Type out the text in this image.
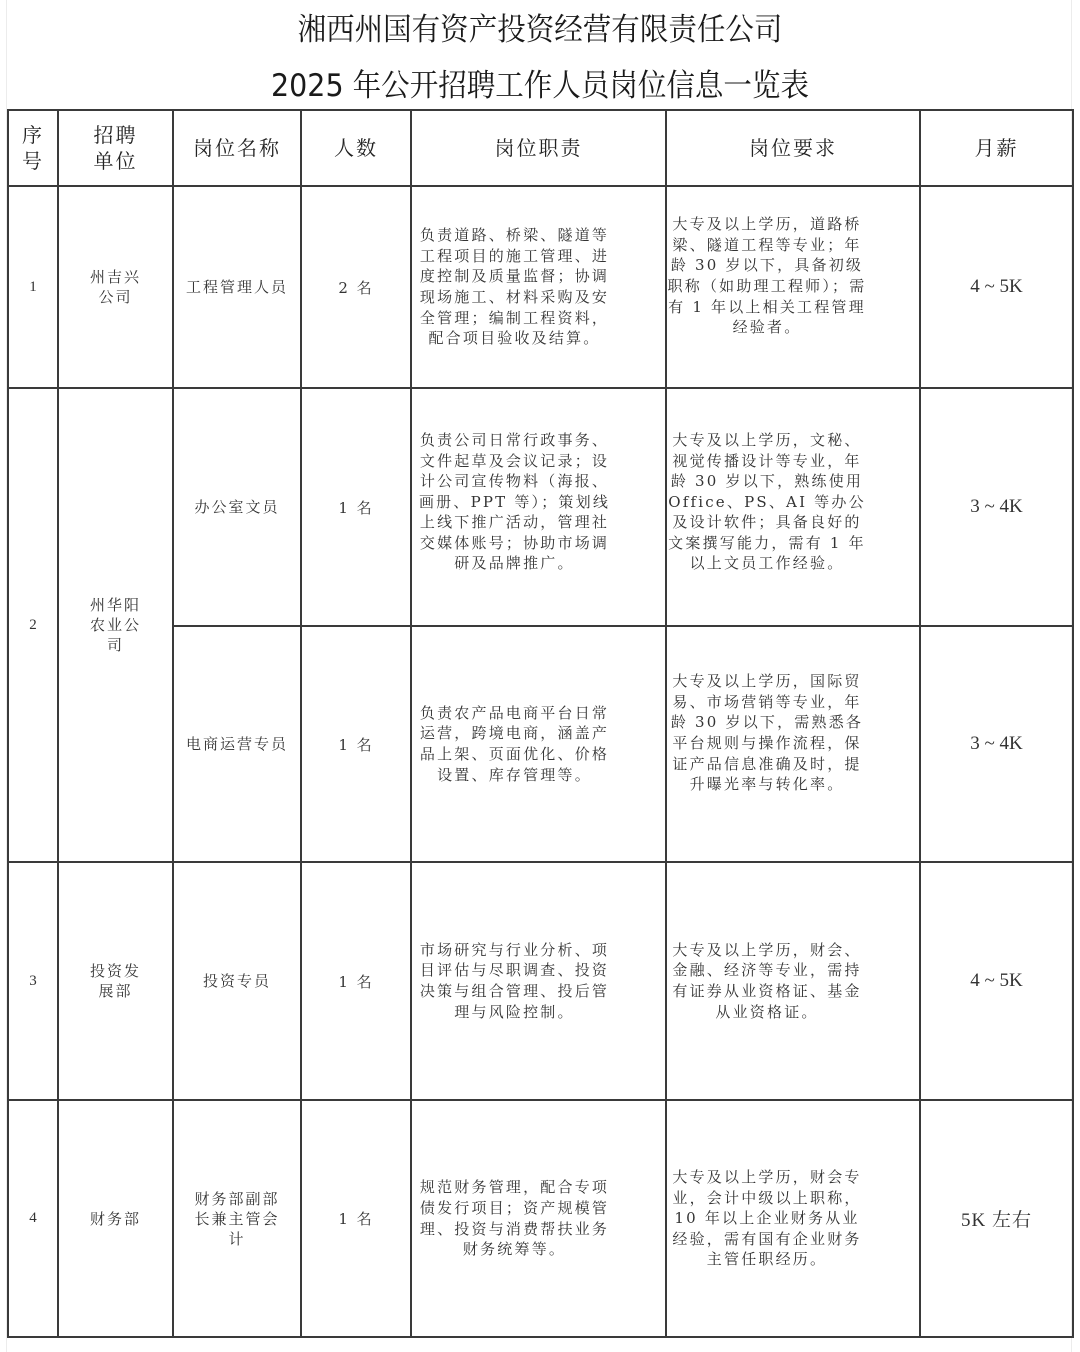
湘西州国有资产投资经营有限责任公司
2025 年公开招聘工作人员岗位信息一览表
序号	招聘单位	岗位名称	人数	岗位职责	岗位要求	月薪
1	州吉兴公司	工程管理人员	2 名	负责道路、桥梁、隧道等工程项目的施工管理、进度控制及质量监督；协调现场施工、材料采购及安全管理；编制工程资料，配合项目验收及结算。	大专及以上学历，道路桥梁、隧道工程等专业；年龄 30 岁以下，具备初级职称（如助理工程师）；需有 1 年以上相关工程管理经验者。	4 ~ 5K
2	州华阳农业公司	办公室文员	1 名	负责公司日常行政事务、文件起草及会议记录；设计公司宣传物料（海报、画册、PPT 等）；策划线上线下推广活动，管理社交媒体账号；协助市场调研及品牌推广。	大专及以上学历，文秘、视觉传播设计等专业，年龄 30 岁以下，熟练使用 Office、PS、AI 等办公及设计软件；具备良好的文案撰写能力，需有 1 年以上文员工作经验。	3 ~ 4K
		电商运营专员	1 名	负责农产品电商平台日常运营，跨境电商，涵盖产品上架、页面优化、价格设置、库存管理等。	大专及以上学历，国际贸易、市场营销等专业，年龄 30 岁以下，需熟悉各平台规则与操作流程，保证产品信息准确及时，提升曝光率与转化率。	3 ~ 4K
3	投资发展部	投资专员	1 名	市场研究与行业分析、项目评估与尽职调查、投资决策与组合管理、投后管理与风险控制。	大专及以上学历，财会、金融、经济等专业，需持有证券从业资格证、基金从业资格证。	4 ~ 5K
4	财务部	财务部副部长兼主管会计	1 名	规范财务管理，配合专项债发行项目；资产规模管理、投资与消费帮扶业务财务统筹等。	大专及以上学历，财会专业，会计中级以上职称， 10 年以上企业财务从业经验，需有国有企业财务主管任职经历。	5K 左右
